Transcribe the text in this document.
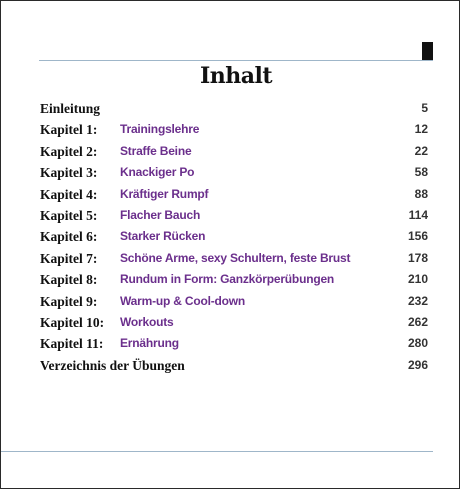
Inhalt
Einleitung	5
Kapitel 1: Trainingslehre	12
Kapitel 2: Straffe Beine	22
Kapitel 3: Knackiger Po	58
Kapitel 4: Kräftiger Rumpf	88
Kapitel 5: Flacher Bauch	114
Kapitel 6: Starker Rücken	156
Kapitel 7: Schöne Arme, sexy Schultern, feste Brust	178
Kapitel 8: Rundum in Form: Ganzkörperübungen	210
Kapitel 9: Warm-up & Cool-down	232
Kapitel 10: Workouts	262
Kapitel 11: Ernährung	280
Verzeichnis der Übungen	296
